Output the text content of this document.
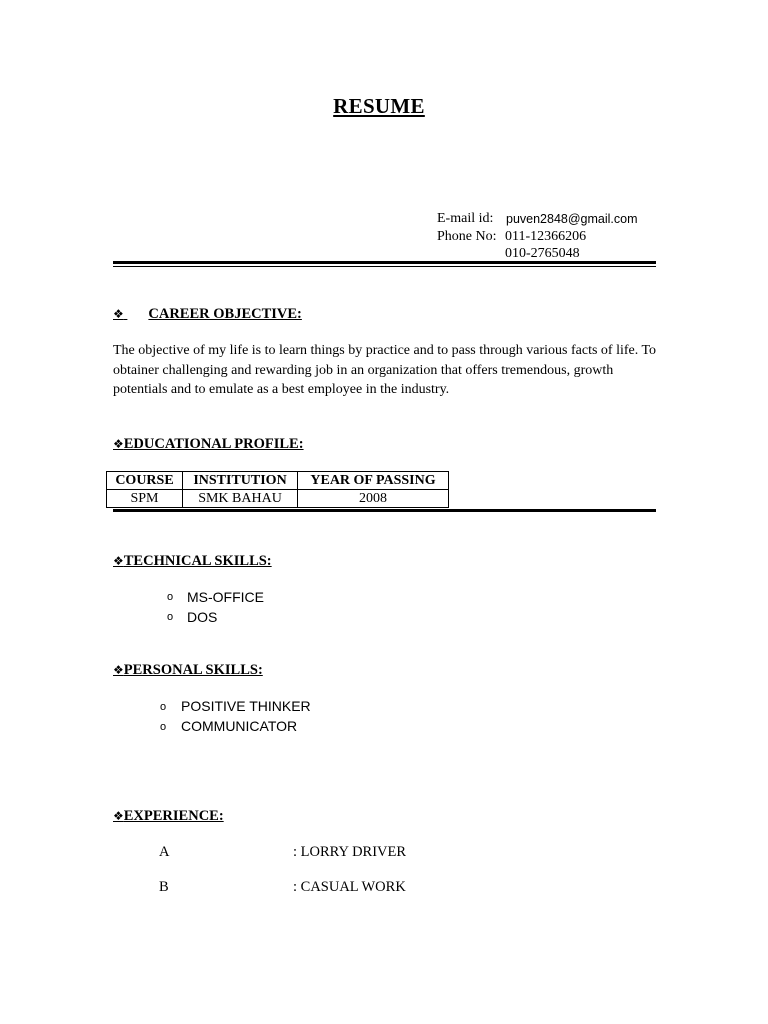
RESUME
E-mail id: puven2848@gmail.com
Phone No: 011-12366206
010-2765048
❖ CAREER OBJECTIVE:
The objective of my life is to learn things by practice and to pass through various facts of life. To obtainer challenging and rewarding job in an organization that offers tremendous, growth potentials and to emulate as a best employee in the industry.
❖EDUCATIONAL PROFILE:
COURSE	INSTITUTION	YEAR OF PASSING
SPM	SMK BAHAU	2008
❖TECHNICAL SKILLS:
o MS-OFFICE
o DOS
❖PERSONAL SKILLS:
o POSITIVE THINKER
o COMMUNICATOR
❖EXPERIENCE:
A	: LORRY DRIVER
B	: CASUAL WORK
